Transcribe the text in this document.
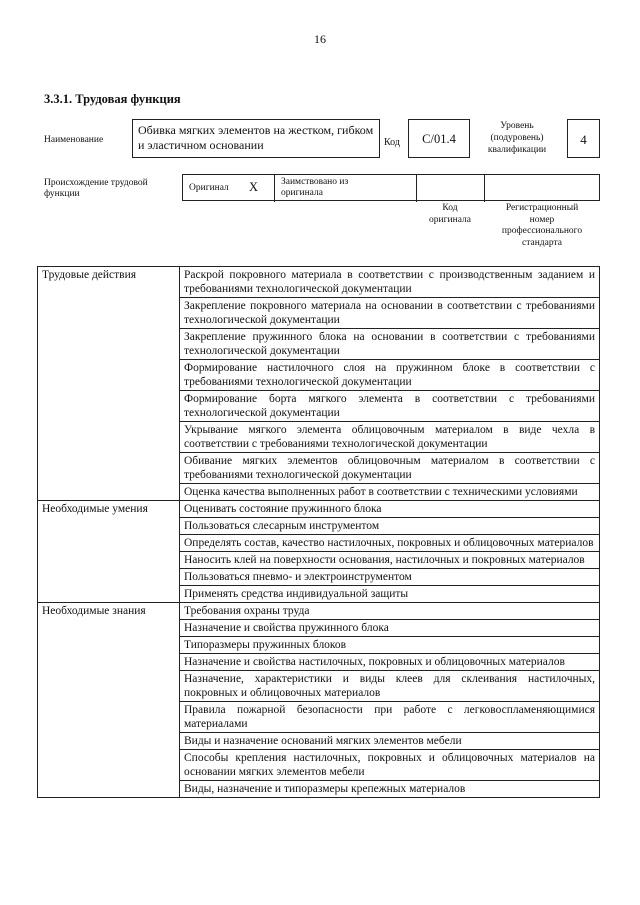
16
3.3.1. Трудовая функция
Наименование
Обивка мягких элементов на жестком, гибком и эластичном основании	Код	C/01.4
Уровень
(подуровень)
квалификации
4
Происхождение трудовой
функции
Оригинал X Заимствовано из
оригинала
Код
оригинала
Регистрационный
номер
профессионального
стандарта
Трудовые действия	Раскрой покровного материала в соответствии с производственным заданием и требованиями технологической документации
	Закрепление покровного материала на основании в соответствии с требованиями технологической документации
	Закрепление пружинного блока на основании в соответствии с требованиями технологической документации
	Формирование настилочного слоя на пружинном блоке в соответствии с требованиями технологической документации
	Формирование борта мягкого элемента в соответствии с требованиями технологической документации
	Укрывание мягкого элемента облицовочным материалом в виде чехла в соответствии с требованиями технологической документации
	Обивание мягких элементов облицовочным материалом в соответствии с требованиями технологической документации
	Оценка качества выполненных работ в соответствии с техническими условиями
Необходимые умения	Оценивать состояние пружинного блока
	Пользоваться слесарным инструментом
	Определять состав, качество настилочных, покровных и облицовочных материалов
	Наносить клей на поверхности основания, настилочных и покровных материалов
	Пользоваться пневмо- и электроинструментом
	Применять средства индивидуальной защиты
Необходимые знания	Требования охраны труда
	Назначение и свойства пружинного блока
	Типоразмеры пружинных блоков
	Назначение и свойства настилочных, покровных и облицовочных материалов
	Назначение, характеристики и виды клеев для склеивания настилочных, покровных и облицовочных материалов
	Правила пожарной безопасности при работе с легковоспламеняющимися материалами
	Виды и назначение оснований мягких элементов мебели
	Способы крепления настилочных, покровных и облицовочных материалов на основании мягких элементов мебели
	Виды, назначение и типоразмеры крепежных материалов
